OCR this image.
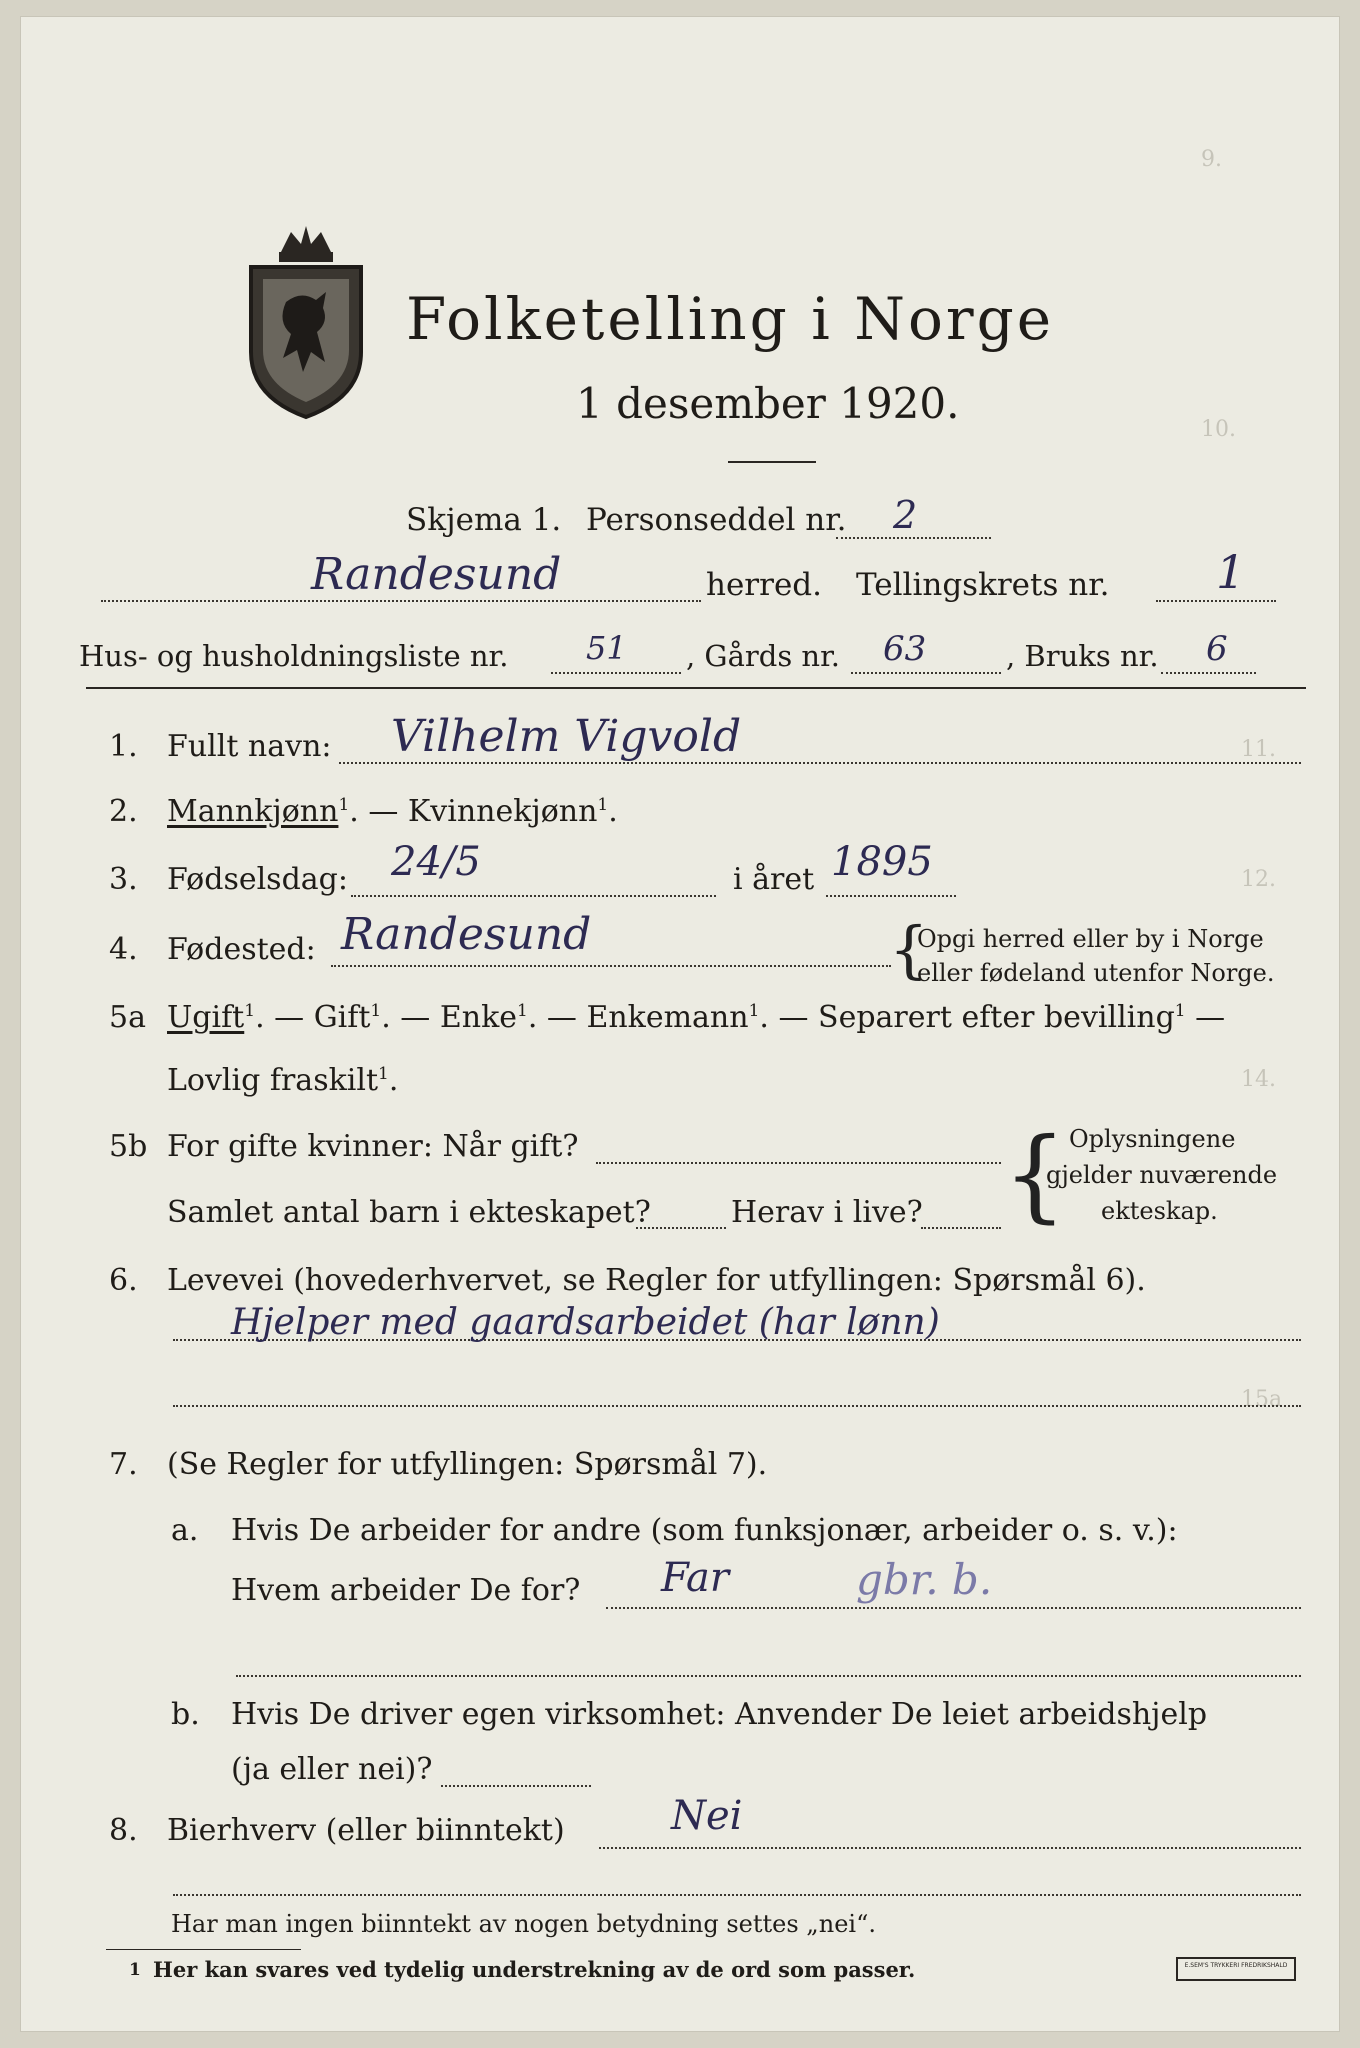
9.
10.
11.
12.
14.
15a
Folketelling i Norge
1 desember 1920.
Skjema 1. Personseddel nr. 2
Randesund	herred. Tellingskrets nr. 1
Hus- og husholdningsliste nr. 51 , Gårds nr. 63	, Bruks nr. 6
1. Fullt navn: Vilhelm Vigvold
2. Mannkjønn$^1$. — Kvinnekjønn$^1$.
3. Fødselsdag: 24/5	i året 1895
4. Fødested: Randesund	{
Opgi herred eller by i Norge
eller fødeland utenfor Norge.
5a Ugift$^1$. — Gift$^1$. — Enke$^1$. — Enkemann$^1$. — Separert efter bevilling$^1$ —
Lovlig fraskilt$^1$.
5b For gifte kvinner: Når gift?
Samlet antal barn i ekteskapet?	Herav i live? { Oplysningene
gjelder nuværende
ekteskap.
6. Levevei (hovederhvervet, se Regler for utfyllingen: Spørsmål 6).
Hjelper med gaardsarbeidet (har lønn)
7. (Se Regler for utfyllingen: Spørsmål 7).
a. Hvis De arbeider for andre (som funksjonær, arbeider o. s. v.):
Hvem arbeider De for? Far	gbr. b.
b. Hvis De driver egen virksomhet: Anvender De leiet arbeidshjelp
(ja eller nei)?
8. Bierhverv (eller biinntekt)	Nei
Har man ingen biinntekt av nogen betydning settes „nei“.
1 Her kan svares ved tydelig understrekning av de ord som passer.	E.SEM'S TRYKKERI FREDRIKSHALD
